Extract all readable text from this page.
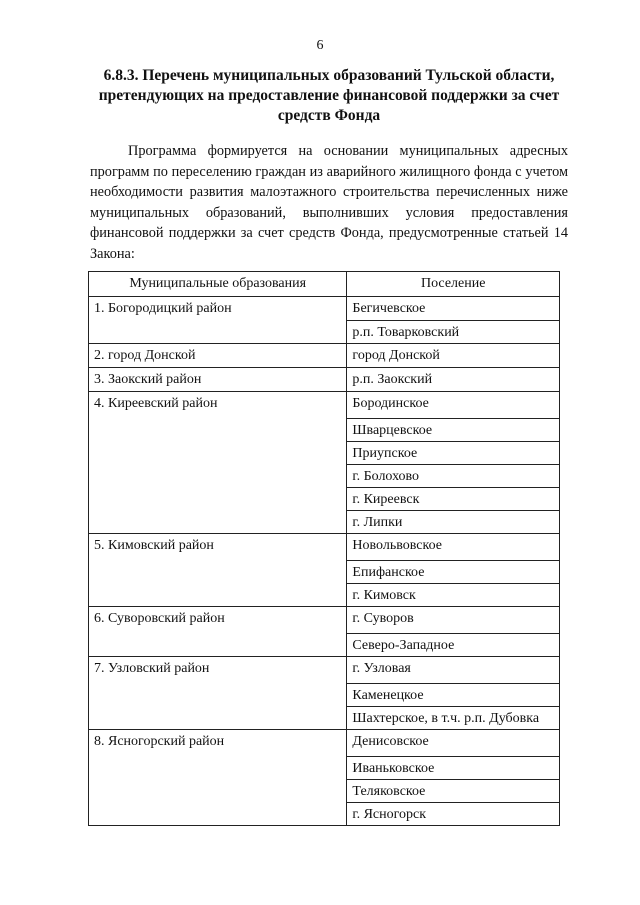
6
6.8.3. Перечень муниципальных образований Тульской области,
претендующих на предоставление финансовой поддержки за счет
средств Фонда

Программа формируется на основании муниципальных адресных программ по переселению граждан из аварийного жилищного фонда с учетом необходимости развития малоэтажного строительства перечисленных ниже муниципальных образований, выполнивших условия предоставления финансовой поддержки за счет средств Фонда, предусмотренные статьей 14 Закона:

Муниципальные образования	Поселение
1. Богородицкий район	Бегичевское
	р.п. Товарковский
2. город Донской	город Донской
3. Заокский район	р.п. Заокский
4. Киреевский район	Бородинское
	Шварцевское
	Приупское
	г. Болохово
	г. Киреевск
	г. Липки
5. Кимовский район	Новольвовское
	Епифанское
	г. Кимовск
6. Суворовский район	г. Суворов
	Северо-Западное
7. Узловский район	г. Узловая
	Каменецкое
	Шахтерское, в т.ч. р.п. Дубовка
8. Ясногорский район	Денисовское
	Иваньковское
	Теляковское
	г. Ясногорск
